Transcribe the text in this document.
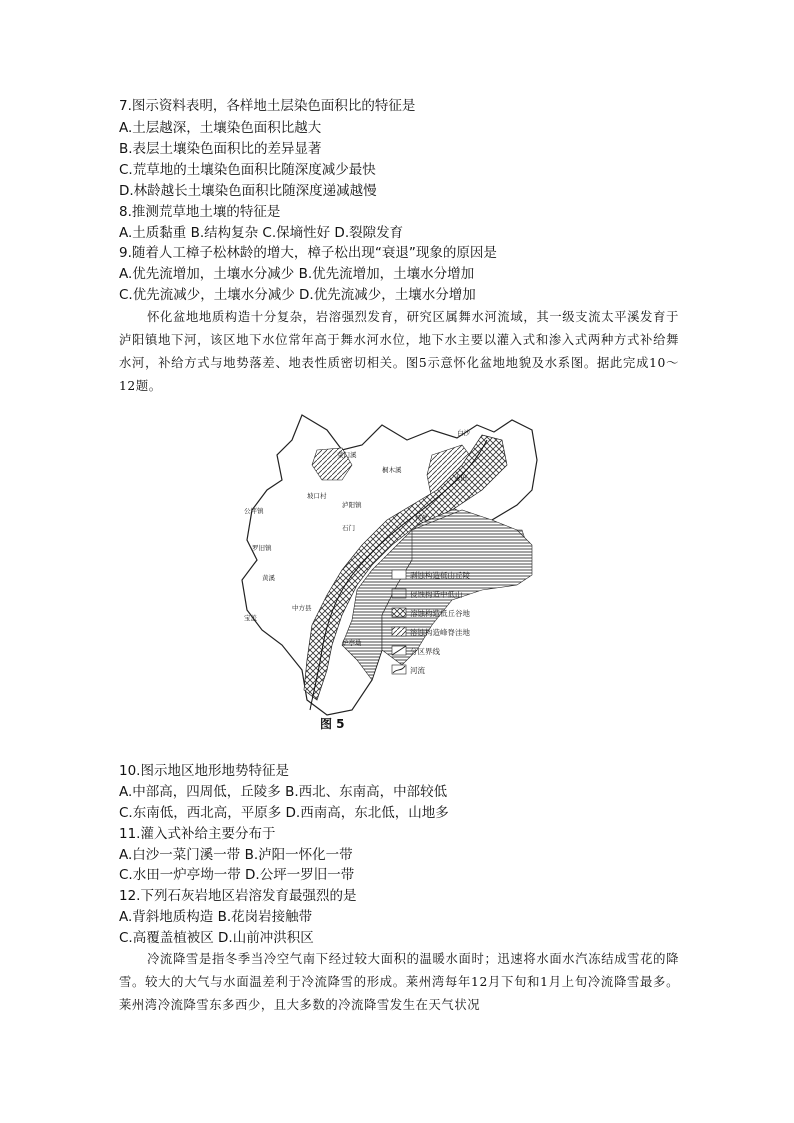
7.图示资料表明，各样地土层染色面积比的特征是
A.土层越深，土壤染色面积比越大
B.表层土壤染色面积比的差异显著
C.荒草地的土壤染色面积比随深度减少最快
D.林龄越长土壤染色面积比随深度递减越慢
8.推测荒草地土壤的特征是
A.土质黏重 B.结构复杂 C.保墒性好 D.裂隙发育
9.随着人工樟子松林龄的增大，樟子松出现“衰退”现象的原因是
A.优先流增加，土壤水分减少 B.优先流增加，土壤水分增加
C.优先流减少，土壤水分减少 D.优先流减少，土壤水分增加
怀化盆地地质构造十分复杂，岩溶强烈发育，研究区属舞水河流域，其一级支流太平溪发育于泸阳镇地下河，该区地下水位常年高于舞水河水位，地下水主要以灌入式和渗入式两种方式补给舞水河，补给方式与地势落差、地表性质密切相关。图5示意怀化盆地地貌及水系图。据此完成10～12题。
菜门溪
白沙
水田
怀化
坡口村
泸阳镇
公坪镇
罗旧镇
中方县
宝盖
炉亭坳
桐木溪
石门
黄溪	剥蚀构造低山丘陵
侵蚀构造中低山
溶蚀构造低丘谷地
溶蚀构造峰脊洼地
分区界线
河流
图 5
10.图示地区地形地势特征是
A.中部高，四周低，丘陵多 B.西北、东南高，中部较低
C.东南低，西北高，平原多 D.西南高，东北低，山地多
11.灌入式补给主要分布于
A.白沙一菜门溪一带 B.泸阳一怀化一带
C.水田一炉亭坳一带 D.公坪一罗旧一带
12.下列石灰岩地区岩溶发育最强烈的是
A.背斜地质构造 B.花岗岩接触带
C.高覆盖植被区 D.山前冲洪积区
冷流降雪是指冬季当冷空气南下经过较大面积的温暖水面时；迅速将水面水汽冻结成雪花的降雪。较大的大气与水面温差利于冷流降雪的形成。莱州湾每年12月下旬和1月上旬冷流降雪最多。莱州湾冷流降雪东多西少，且大多数的冷流降雪发生在天气状况
